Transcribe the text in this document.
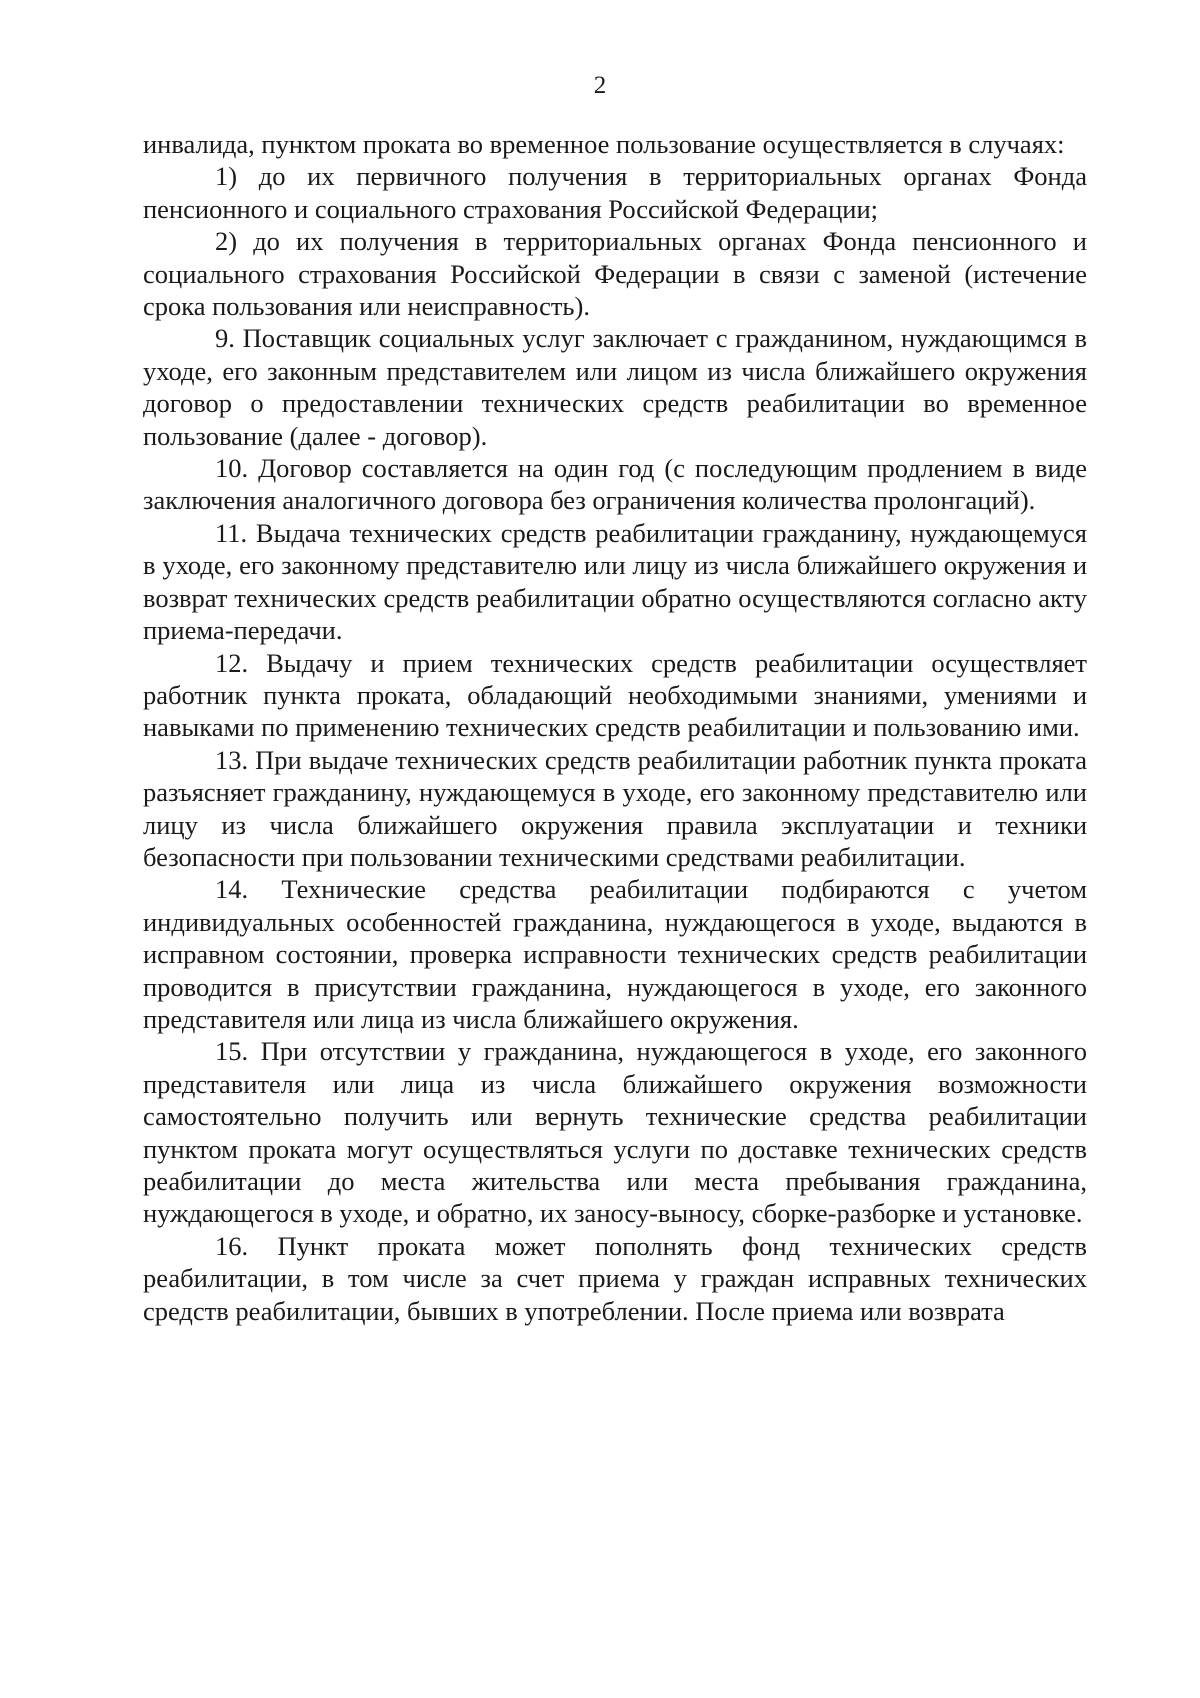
2

инвалида, пунктом проката во временное пользование осуществляется в случаях:

1) до их первичного получения в территориальных органах Фонда пенсионного и социального страхования Российской Федерации;

2) до их получения в территориальных органах Фонда пенсионного и социального страхования Российской Федерации в связи с заменой (истечение срока пользования или неисправность).

9. Поставщик социальных услуг заключает с гражданином, нуждающимся в уходе, его законным представителем или лицом из числа ближайшего окружения договор о предоставлении технических средств реабилитации во временное пользование (далее - договор).

10. Договор составляется на один год (с последующим продлением в виде заключения аналогичного договора без ограничения количества пролонгаций).

11. Выдача технических средств реабилитации гражданину, нуждающемуся в уходе, его законному представителю или лицу из числа ближайшего окружения и возврат технических средств реабилитации обратно осуществляются согласно акту приема-передачи.

12. Выдачу и прием технических средств реабилитации осуществляет работник пункта проката, обладающий необходимыми знаниями, умениями и навыками по применению технических средств реабилитации и пользованию ими.

13. При выдаче технических средств реабилитации работник пункта проката разъясняет гражданину, нуждающемуся в уходе, его законному представителю или лицу из числа ближайшего окружения правила эксплуатации и техники безопасности при пользовании техническими средствами реабилитации.

14. Технические средства реабилитации подбираются с учетом индивидуальных особенностей гражданина, нуждающегося в уходе, выдаются в исправном состоянии, проверка исправности технических средств реабилитации проводится в присутствии гражданина, нуждающегося в уходе, его законного представителя или лица из числа ближайшего окружения.

15. При отсутствии у гражданина, нуждающегося в уходе, его законного представителя или лица из числа ближайшего окружения возможности самостоятельно получить или вернуть технические средства реабилитации пунктом проката могут осуществляться услуги по доставке технических средств реабилитации до места жительства или места пребывания гражданина, нуждающегося в уходе, и обратно, их заносу-выносу, сборке-разборке и установке.

16. Пункт проката может пополнять фонд технических средств реабилитации, в том числе за счет приема у граждан исправных технических средств реабилитации, бывших в употреблении. После приема или возврата
